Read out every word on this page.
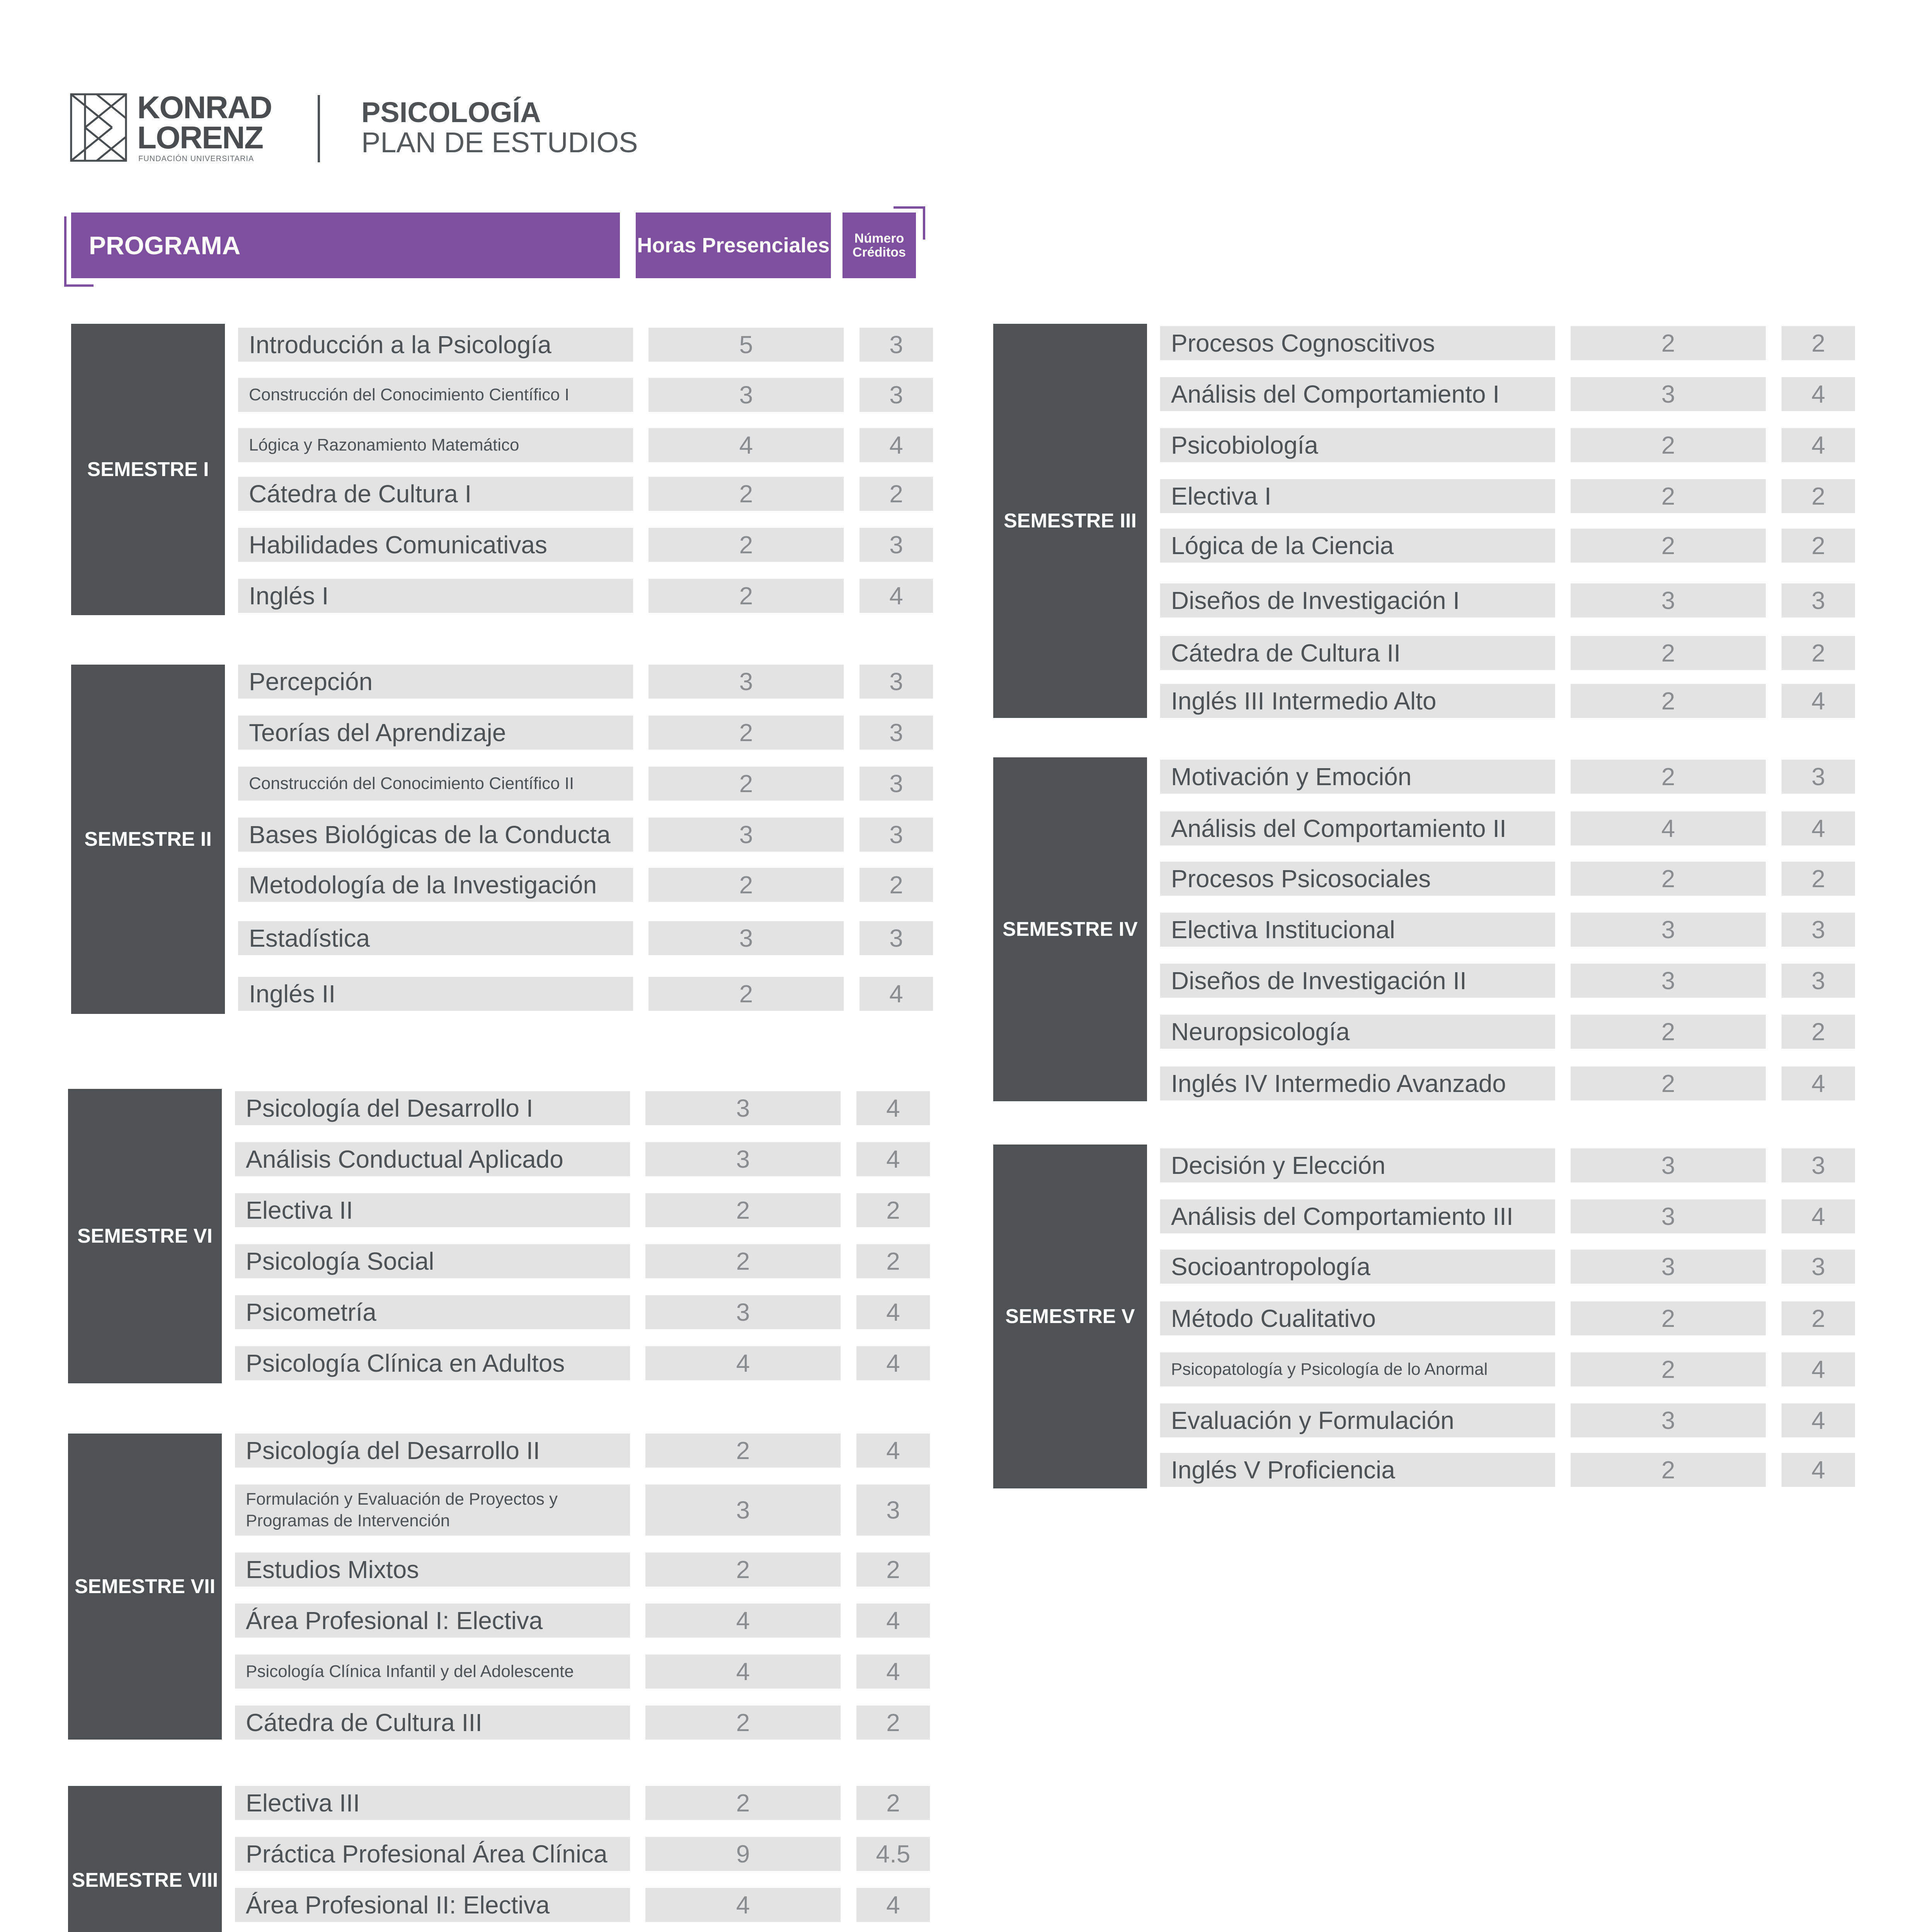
KONRAD
LORENZ
FUNDACIÓN UNIVERSITARIA
PSICOLOGÍA
PLAN DE ESTUDIOS
PROGRAMA	Horas Presenciales Número
Créditos
SEMESTRE I
Introducción a la Psicología	5	3
Construcción del Conocimiento Científico I	3	3
Lógica y Razonamiento Matemático	4	4
Cátedra de Cultura I	2	2
Habilidades Comunicativas	2	3
Inglés I	2	4
SEMESTRE II
Percepción	3	3
Teorías del Aprendizaje	2	3
Construcción del Conocimiento Científico II	2	3
Bases Biológicas de la Conducta	3	3
Metodología de la Investigación	2	2
Estadística	3	3
Inglés II	2	4
SEMESTRE III
Procesos Cognoscitivos	2	2
Análisis del Comportamiento I	3	4
Psicobiología	2	4
Electiva I	2	2
Lógica de la Ciencia	2	2
Diseños de Investigación I	3	3
Cátedra de Cultura II	2	2
Inglés III Intermedio Alto	2	4
SEMESTRE IV
Motivación y Emoción	2	3
Análisis del Comportamiento II	4	4
Procesos Psicosociales	2	2
Electiva Institucional	3	3
Diseños de Investigación II	3	3
Neuropsicología	2	2
Inglés IV Intermedio Avanzado	2	4
SEMESTRE V
Decisión y Elección	3	3
Análisis del Comportamiento III	3	4
Socioantropología	3	3
Método Cualitativo	2	2
Psicopatología y Psicología de lo Anormal	2	4
Evaluación y Formulación	3	4
Inglés V Proficiencia	2	4
SEMESTRE VI
Psicología del Desarrollo I	3	4
Análisis Conductual Aplicado	3	4
Electiva II	2	2
Psicología Social	2	2
Psicometría	3	4
Psicología Clínica en Adultos	4	4
SEMESTRE VII
Psicología del Desarrollo II	2	4
Formulación y Evaluación de Proyectos y Programas de Intervención	3	3
Estudios Mixtos	2	2
Área Profesional I: Electiva	4	4
Psicología Clínica Infantil y del Adolescente	4	4
Cátedra de Cultura III	2	2
SEMESTRE VIII
Electiva III	2	2
Práctica Profesional Área Clínica	9	4.5
Área Profesional II: Electiva	4	4
